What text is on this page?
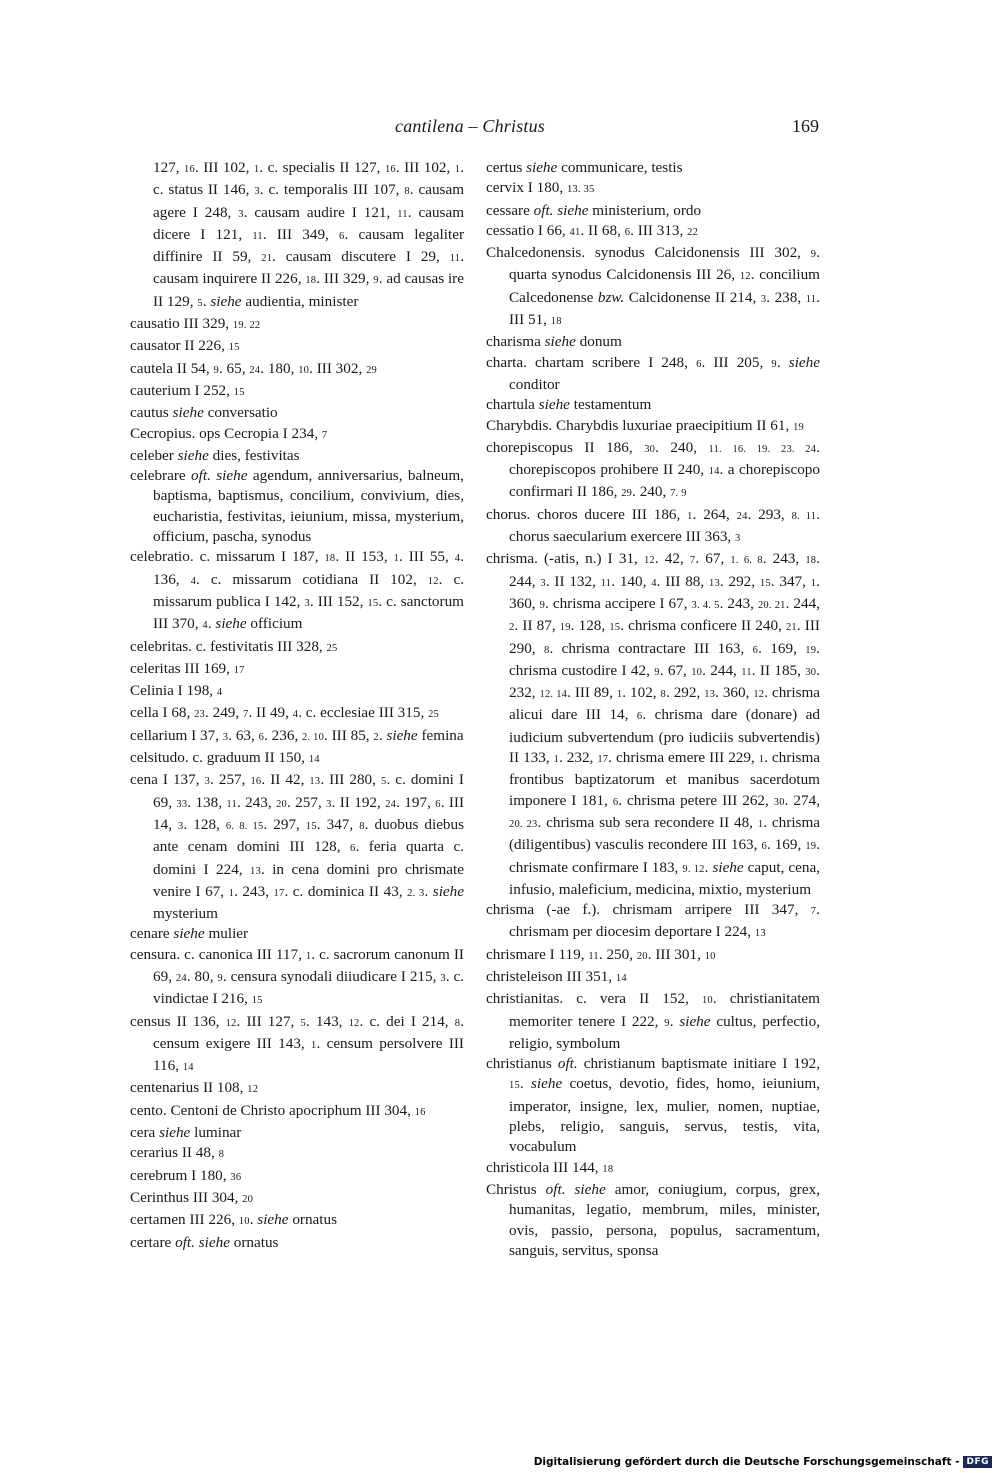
cantilena – Christus	169

127, 16. III 102, 1. c. specialis II 127, 16. III 102, 1. c. status II 146, 3. c. temporalis III 107, 8. causam agere I 248, 3. causam audire I 121, 11. causam dicere I 121, 11. III 349, 6. causam legaliter diffinire II 59, 21. causam discutere I 29, 11. causam inquirere II 226, 18. III 329, 9. ad causas ire II 129, 5. siehe audientia, minister

causatio III 329, 19. 22

causator II 226, 15

cautela II 54, 9. 65, 24. 180, 10. III 302, 29

cauterium I 252, 15

cautus siehe conversatio

Cecropius. ops Cecropia I 234, 7

celeber siehe dies, festivitas

celebrare oft. siehe agendum, anniversarius, balneum, baptisma, baptismus, concilium, convivium, dies, eucharistia, festivitas, ieiunium, missa, mysterium, officium, pascha, synodus

celebratio. c. missarum I 187, 18. II 153, 1. III 55, 4. 136, 4. c. missarum cotidiana II 102, 12. c. missarum publica I 142, 3. III 152, 15. c. sanctorum III 370, 4. siehe officium

celebritas. c. festivitatis III 328, 25

celeritas III 169, 17

Celinia I 198, 4

cella I 68, 23. 249, 7. II 49, 4. c. ecclesiae III 315, 25

cellarium I 37, 3. 63, 6. 236, 2. 10. III 85, 2. siehe femina

celsitudo. c. graduum II 150, 14

cena I 137, 3. 257, 16. II 42, 13. III 280, 5. c. domini I 69, 33. 138, 11. 243, 20. 257, 3. II 192, 24. 197, 6. III 14, 3. 128, 6. 8. 15. 297, 15. 347, 8. duobus diebus ante cenam domini III 128, 6. feria quarta c. domini I 224, 13. in cena domini pro chrismate venire I 67, 1. 243, 17. c. dominica II 43, 2. 3. siehe mysterium

cenare siehe mulier

censura. c. canonica III 117, 1. c. sacrorum canonum II 69, 24. 80, 9. censura synodali diiudicare I 215, 3. c. vindictae I 216, 15

census II 136, 12. III 127, 5. 143, 12. c. dei I 214, 8. censum exigere III 143, 1. censum persolvere III 116, 14

centenarius II 108, 12

cento. Centoni de Christo apocriphum III 304, 16

cera siehe luminar

cerarius II 48, 8

cerebrum I 180, 36

Cerinthus III 304, 20

certamen III 226, 10. siehe ornatus

certare oft. siehe ornatus

certus siehe communicare, testis

cervix I 180, 13. 35

cessare oft. siehe ministerium, ordo

cessatio I 66, 41. II 68, 6. III 313, 22

Chalcedonensis. synodus Calcidonensis III 302, 9. quarta synodus Calcidonensis III 26, 12. concilium Calcedonense bzw. Calcidonense II 214, 3. 238, 11. III 51, 18

charisma siehe donum

charta. chartam scribere I 248, 6. III 205, 9. siehe conditor

chartula siehe testamentum

Charybdis. Charybdis luxuriae praecipitium II 61, 19

chorepiscopus II 186, 30. 240, 11. 16. 19. 23. 24. chorepiscopos prohibere II 240, 14. a chorepiscopo confirmari II 186, 29. 240, 7. 9

chorus. choros ducere III 186, 1. 264, 24. 293, 8. 11. chorus saecularium exercere III 363, 3

chrisma. (-atis, n.) I 31, 12. 42, 7. 67, 1. 6. 8. 243, 18. 244, 3. II 132, 11. 140, 4. III 88, 13. 292, 15. 347, 1. 360, 9. chrisma accipere I 67, 3. 4. 5. 243, 20. 21. 244, 2. II 87, 19. 128, 15. chrisma conficere II 240, 21. III 290, 8. chrisma contractare III 163, 6. 169, 19. chrisma custodire I 42, 9. 67, 10. 244, 11. II 185, 30. 232, 12. 14. III 89, 1. 102, 8. 292, 13. 360, 12. chrisma alicui dare III 14, 6. chrisma dare (donare) ad iudicium subvertendum (pro iudiciis subvertendis) II 133, 1. 232, 17. chrisma emere III 229, 1. chrisma frontibus baptizatorum et manibus sacerdotum imponere I 181, 6. chrisma petere III 262, 30. 274, 20. 23. chrisma sub sera recondere II 48, 1. chrisma (diligentibus) vasculis recondere III 163, 6. 169, 19. chrismate confirmare I 183, 9. 12. siehe caput, cena, infusio, maleficium, medicina, mixtio, mysterium

chrisma (-ae f.). chrismam arripere III 347, 7. chrismam per diocesim deportare I 224, 13

chrismare I 119, 11. 250, 20. III 301, 10

christeleison III 351, 14

christianitas. c. vera II 152, 10. christianitatem memoriter tenere I 222, 9. siehe cultus, perfectio, religio, symbolum

christianus oft. christianum baptismate initiare I 192, 15. siehe coetus, devotio, fides, homo, ieiunium, imperator, insigne, lex, mulier, nomen, nuptiae, plebs, religio, sanguis, servus, testis, vita, vocabulum

christicola III 144, 18

Christus oft. siehe amor, coniugium, corpus, grex, humanitas, legatio, membrum, miles, minister, ovis, passio, persona, populus, sacramentum, sanguis, servitus, sponsa

Digitalisierung gefördert durch die Deutsche Forschungsgemeinschaft - DFG
